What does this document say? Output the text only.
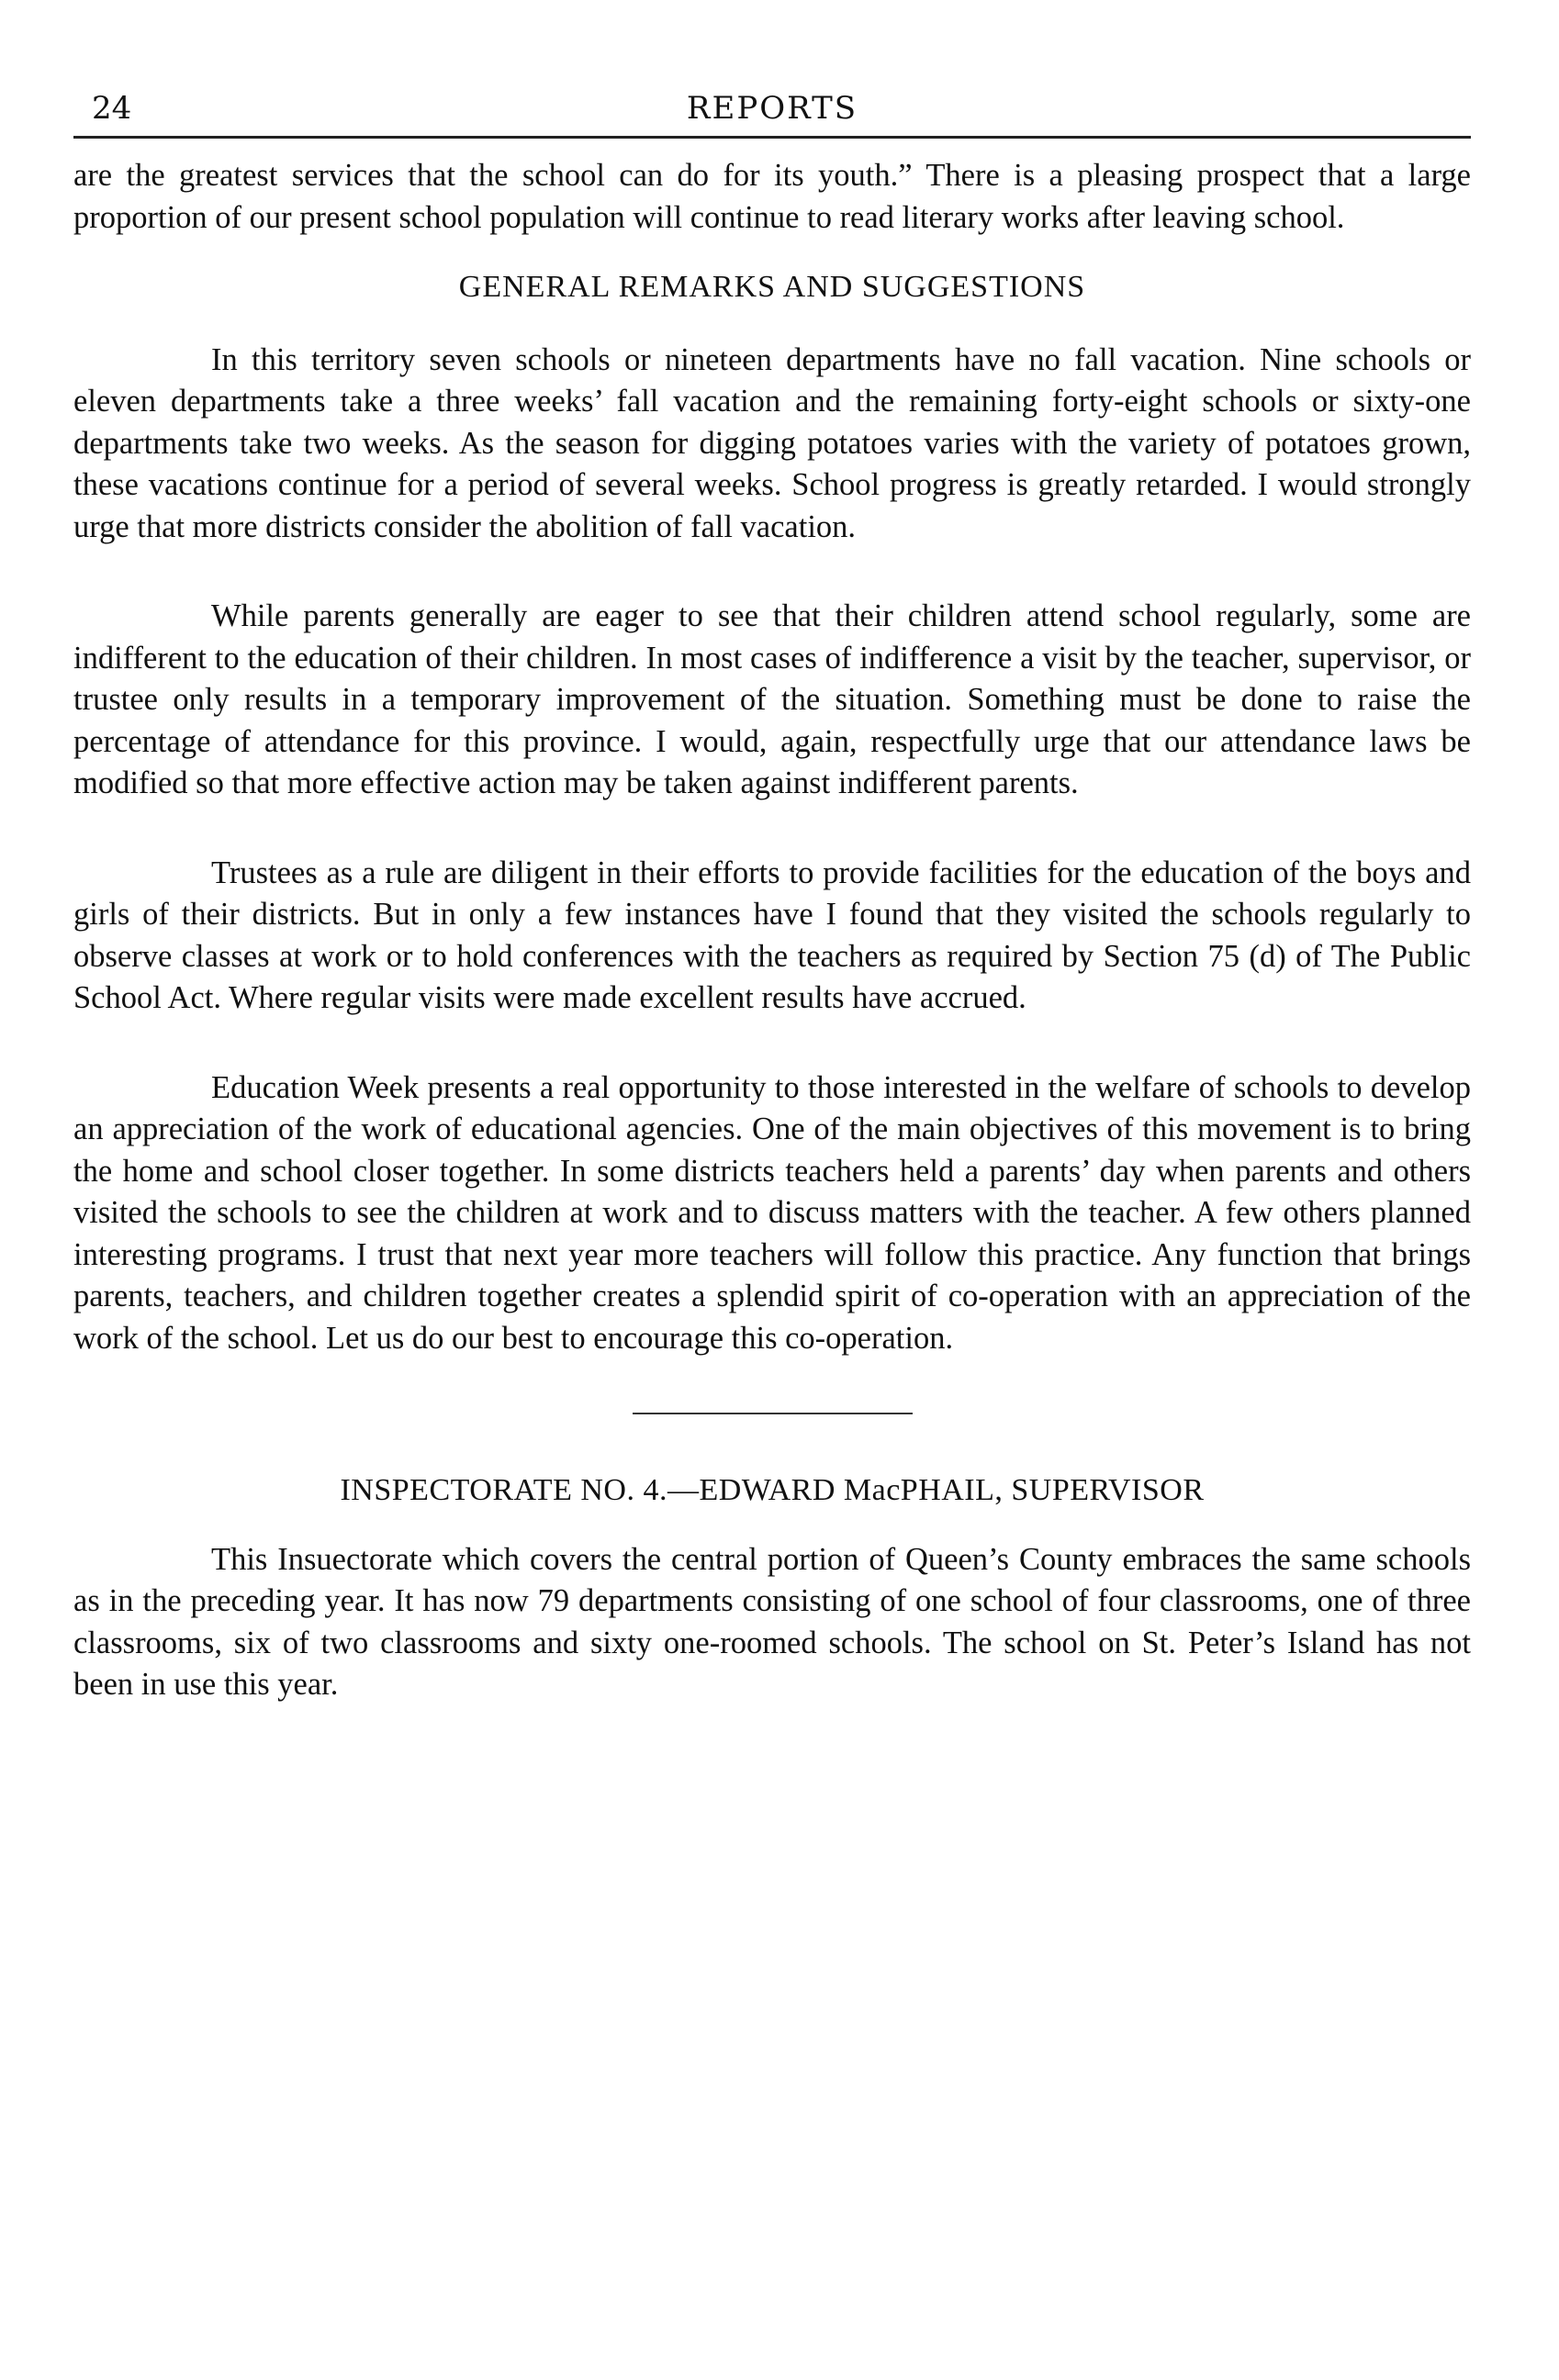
24	REPORTS

are the greatest services that the school can do for its youth.” There is a pleasing prospect that a large proportion of our present school population will continue to read literary works after leaving school.

GENERAL REMARKS AND SUGGESTIONS

In this territory seven schools or nineteen departments have no fall vacation. Nine schools or eleven departments take a three weeks’ fall vacation and the remaining forty-eight schools or sixty-one departments take two weeks. As the season for digging potatoes varies with the variety of potatoes grown, these vacations continue for a period of several weeks. School progress is greatly retarded. I would strongly urge that more districts consider the abolition of fall vacation.

While parents generally are eager to see that their children attend school regularly, some are indifferent to the education of their children. In most cases of indifference a visit by the teacher, supervisor, or trustee only results in a temporary improvement of the situation. Something must be done to raise the percentage of attendance for this province. I would, again, respectfully urge that our attendance laws be modified so that more effective action may be taken against indifferent parents.

Trustees as a rule are diligent in their efforts to provide facilities for the education of the boys and girls of their districts. But in only a few instances have I found that they visited the schools regularly to observe classes at work or to hold conferences with the teachers as required by Section 75 (d) of The Public School Act. Where regular visits were made excellent results have accrued.

Education Week presents a real opportunity to those interested in the welfare of schools to develop an appreciation of the work of educational agencies. One of the main objectives of this movement is to bring the home and school closer together. In some districts teachers held a parents’ day when parents and others visited the schools to see the children at work and to discuss matters with the teacher. A few others planned interesting programs. I trust that next year more teachers will follow this practice. Any function that brings parents, teachers, and children together creates a splendid spirit of co-operation with an appreciation of the work of the school. Let us do our best to encourage this co-operation.

INSPECTORATE NO. 4.—EDWARD MacPHAIL, SUPERVISOR

This Insuectorate which covers the central portion of Queen’s County embraces the same schools as in the preceding year. It has now 79 departments consisting of one school of four classrooms, one of three classrooms, six of two classrooms and sixty one-roomed schools. The school on St. Peter’s Island has not been in use this year.
